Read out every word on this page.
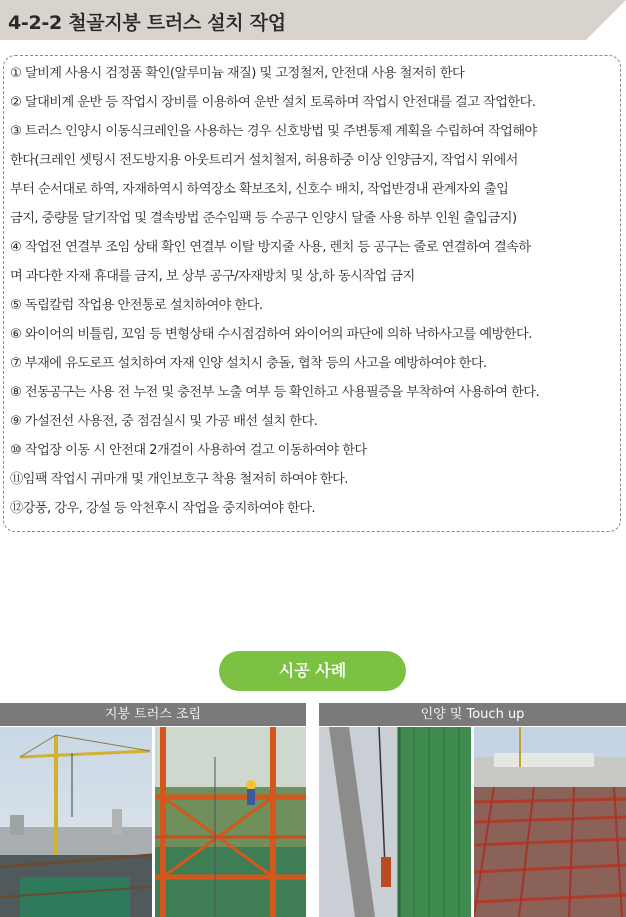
4-2-2 철골지붕 트러스 설치 작업
① 달비계 사용시 검정품 확인(알루미늄 재질) 및 고정철저, 안전대 사용 철저히 한다
② 달대비계 운반 등 작업시 장비를 이용하여 운반 설치 토록하며 작업시 안전대를 걸고 작업한다.
③ 트러스 인양시 이동식크레인을 사용하는 경우 신호방법 및 주변통제 계획을 수립하여 작업해야
한다(크레인 셋팅시 전도방지용 아웃트리거 설치철저, 허용하중 이상 인양금지, 작업시 위에서
부터 순서대로 하역, 자재하역시 하역장소 확보조치, 신호수 배치, 작업반경내 관계자외 출입
금지, 중량물 달기작업 및 결속방법 준수임팩 등 수공구 인양시 달줄 사용 하부 인원 출입금지)
④ 작업전 연결부 조임 상태 확인 연결부 이탈 방지줄 사용, 렌치 등 공구는 줄로 연결하여 결속하
며 과다한 자재 휴대를 금지, 보 상부 공구/자재방치 및 상,하 동시작업 금지
⑤ 독립칼럼 작업용 안전통로 설치하여야 한다.
⑥ 와이어의 비틀림, 꼬임 등 변형상태 수시점검하여 와이어의 파단에 의하 낙하사고를 예방한다.
⑦ 부재에 유도로프 설치하여 자재 인양 설치시 충돌, 협착 등의 사고을 예방하여야 한다.
⑧ 전동공구는 사용 전 누전 및 충전부 노출 여부 등 확인하고 사용필증을 부착하여 사용하여 한다.
⑨ 가설전선 사용전, 중 점검실시 및 가공 배선 설치 한다.
⑩ 작업장 이동 시 안전대 2개걸이 사용하여 걸고 이동하여야 한다
⑪임팩 작업시 귀마개 및 개인보호구 착용 철저히 하여야 한다.
⑫강풍, 강우, 강설 등 악천후시 작업을 중지하여야 한다.
시공 사례
지붕 트러스 조립	인양 및 Touch up
